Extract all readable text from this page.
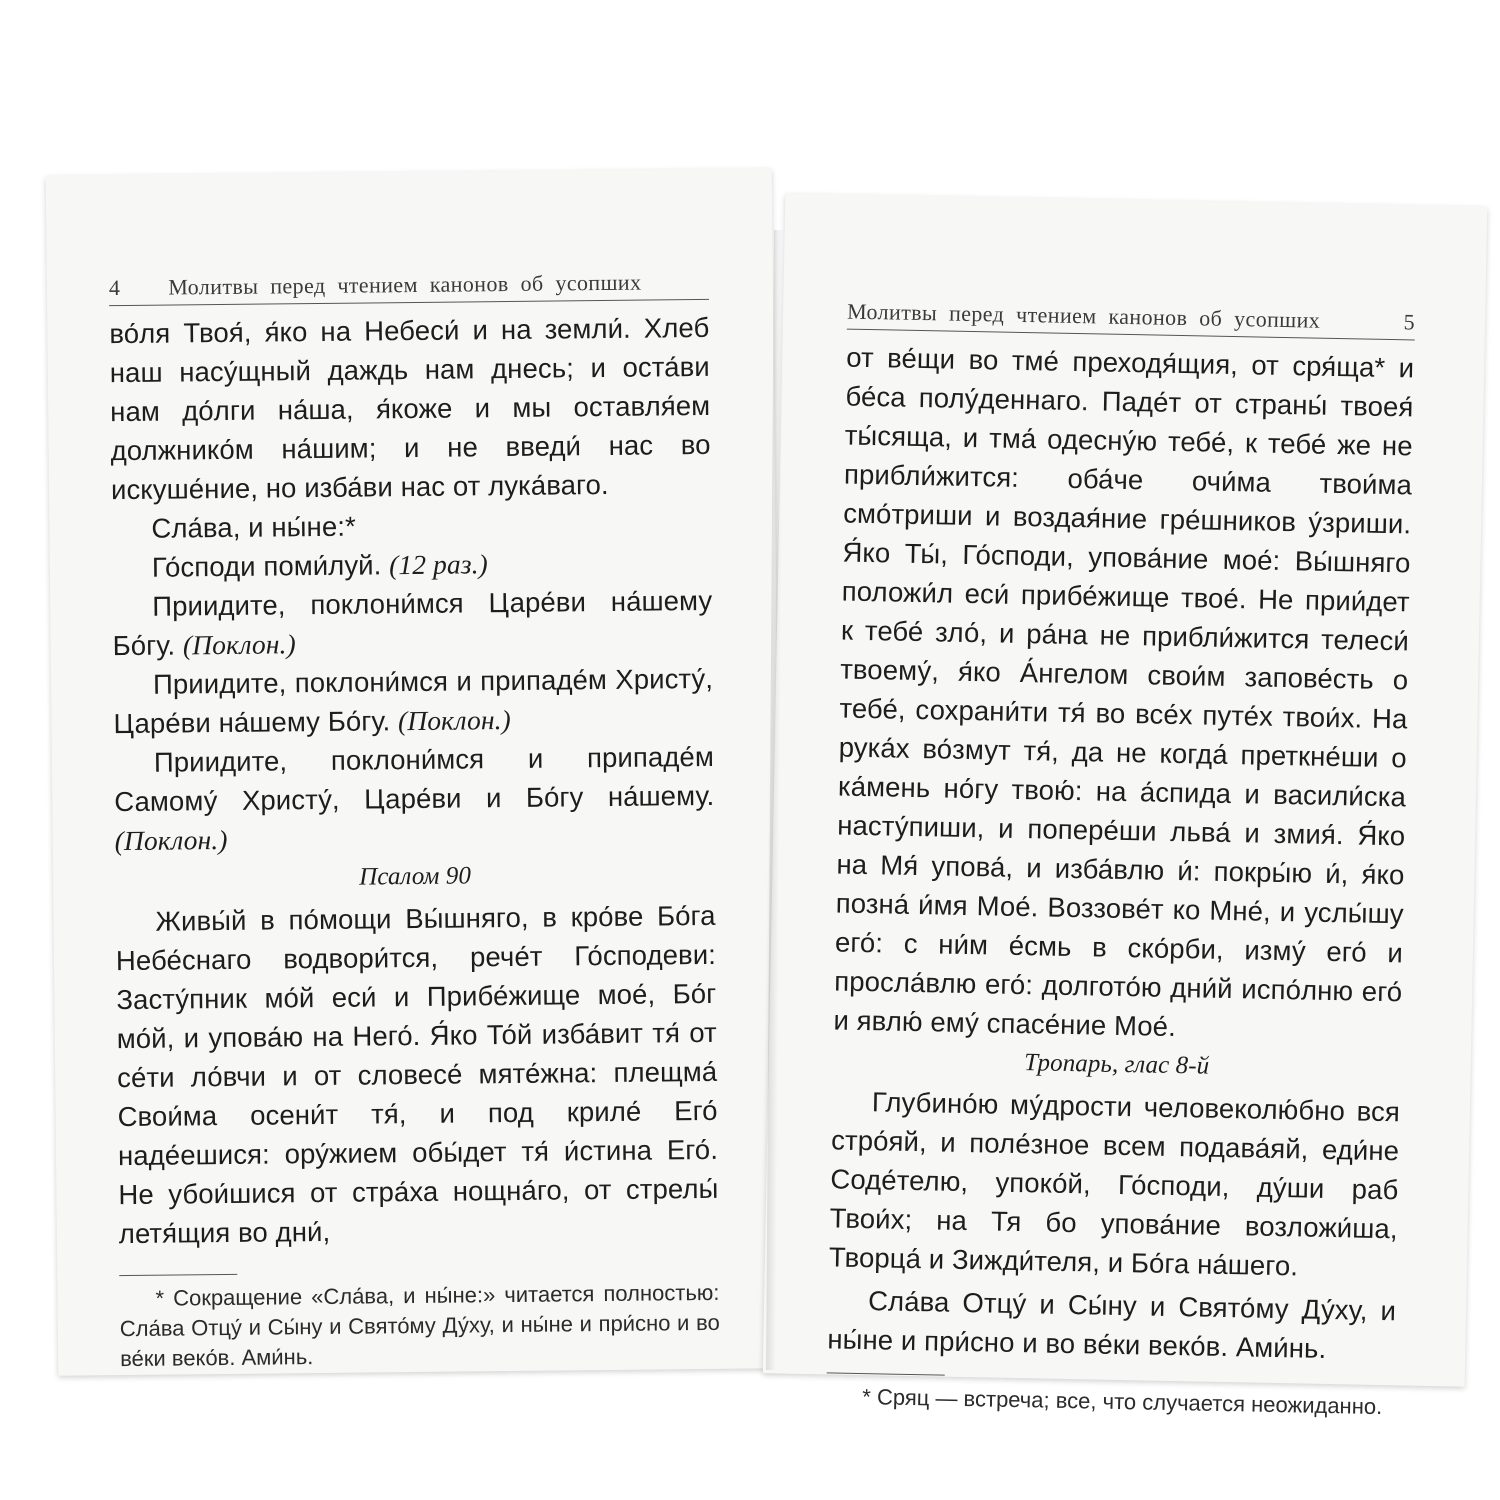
4 Молитвы перед чтением канонов об усопших

во́ля Твоя́, я́ко на Небеси́ и на земли́. Хлеб наш насу́щный даждь нам днесь; и оста́ви нам до́лги на́ша, я́коже и мы оставля́ем должнико́м на́шим; и не введи́ нас во искуше́ние, но изба́ви нас от лука́ваго.

Сла́ва, и ны́не:*

Го́споди поми́луй. (12 раз.)

Приидите, поклони́мся Царе́ви на́шему Бо́гу. (Поклон.)

Приидите, поклони́мся и припаде́м Христу́, Царе́ви на́шему Бо́гу. (Поклон.)

Приидите, поклони́мся и припаде́м Самому́ Христу́, Царе́ви и Бо́гу на́шему. (Поклон.)

Псалом 90

Живы́й в по́мощи Вы́шняго, в кро́ве Бо́га Небе́снаго водвори́тся, рече́т Го́сподеви: Засту́пник мо́й еси́ и Прибе́жище мое́, Бо́г мо́й, и упова́ю на Него́. Я́ко То́й изба́вит тя́ от се́ти ло́вчи и от словесе́ мяте́жна: плещма́ Свои́ма осени́т тя́, и под криле́ Его́ наде́ешися: ору́жием обы́дет тя́ и́стина Его́. Не убои́шися от стра́ха нощна́го, от стрелы́ летя́щия во дни́,

* Сокращение «Сла́ва, и ны́не:» читается полностью: Сла́ва Отцу́ и Сы́ну и Свято́му Ду́ху, и ны́не и при́сно и во ве́ки веко́в. Ами́нь.
Молитвы перед чтением канонов об усопших	5

от ве́щи во тме́ преходя́щия, от сря́ща* и бе́са полу́деннаго. Паде́т от страны́ твоея́ ты́сяща, и тма́ одесну́ю тебе́, к тебе́ же не прибли́жится: оба́че очи́ма твои́ма смо́триши и воздая́ние гре́шников у́зриши. Я́ко Ты́, Го́споди, упова́ние мое́: Вы́шняго положи́л еси́ прибе́жище твое́. Не прии́дет к тебе́ зло́, и ра́на не прибли́жится телеси́ твоему́, я́ко А́нгелом свои́м запове́сть о тебе́, сохрани́ти тя́ во все́х путе́х твои́х. На рука́х во́змут тя́, да не когда́ преткне́ши о ка́мень но́гу твою́: на а́спида и васили́ска насту́пиши, и попере́ши льва́ и змия́. Я́ко на Мя́ упова́, и изба́влю и́: покры́ю и́, я́ко позна́ и́мя Мое́. Воззове́т ко Мне́, и услы́шу его́: с ни́м е́смь в ско́рби, изму́ его́ и просла́влю его́: долгото́ю дни́й испо́лню его́ и явлю́ ему́ спасе́ние Мое́.

Тропарь, глас 8-й

Глубино́ю му́дрости человеколю́бно вся стро́яй, и поле́зное всем подава́яй, еди́не Соде́телю, упоко́й, Го́споди, ду́ши раб Твои́х; на Тя бо упова́ние возложи́ша, Творца́ и Зижди́теля, и Бо́га на́шего.

Сла́ва Отцу́ и Сы́ну и Свято́му Ду́ху, и ны́не и при́сно и во ве́ки веко́в. Ами́нь.

* Сряц — встреча; все, что случается неожиданно.
